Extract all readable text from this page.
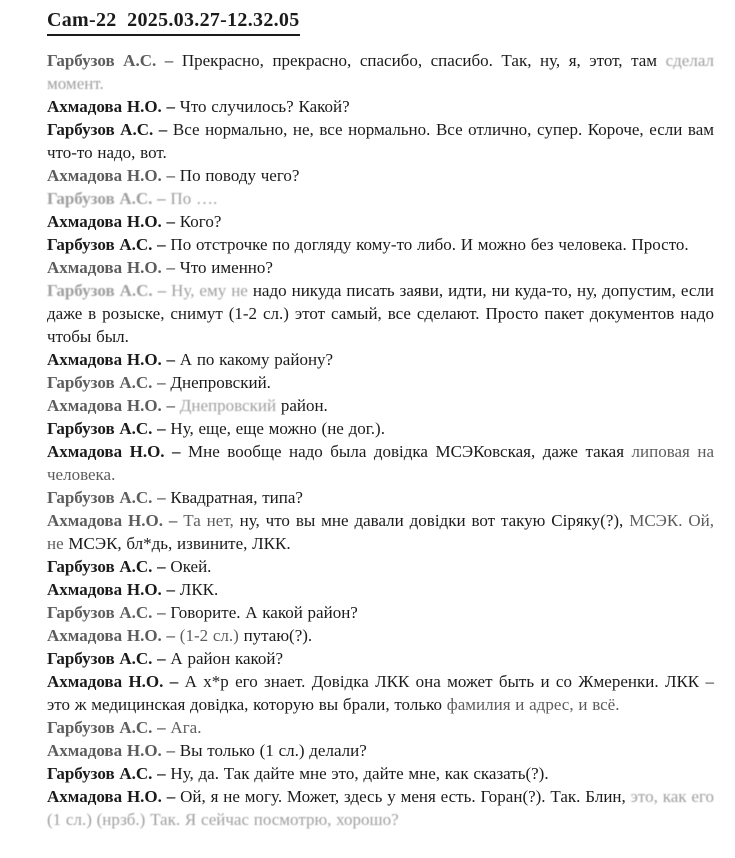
Cam-22  2025.03.27-12.32.05

Гарбузов А.С. – Прекрасно, прекрасно, спасибо, спасибо. Так, ну, я, этот, там сделал момент.

Ахмадова Н.О. – Что случилось? Какой?

Гарбузов А.С. – Все нормально, не, все нормально. Все отлично, супер. Короче, если вам что-то надо, вот.

Ахмадова Н.О. – По поводу чего?

Гарбузов А.С. – По ….

Ахмадова Н.О. – Кого?

Гарбузов А.С. – По отстрочке по догляду кому-то либо. И можно без человека. Просто.

Ахмадова Н.О. – Что именно?

Гарбузов А.С. – Ну, ему не надо никуда писать заяви, идти, ни куда-то, ну, допустим, если даже в розыске, снимут (1-2 сл.) этот самый, все сделают. Просто пакет документов надо чтобы был.

Ахмадова Н.О. – А по какому району?

Гарбузов А.С. – Днепровский.

Ахмадова Н.О. – Днепровский район.

Гарбузов А.С. – Ну, еще, еще можно (не дог.).

Ахмадова Н.О. – Мне вообще надо была довідка МСЭКовская, даже такая липовая на человека.

Гарбузов А.С. – Квадратная, типа?

Ахмадова Н.О. – Та нет, ну, что вы мне давали довідки вот такую Сіряку(?), МСЭК. Ой, не МСЭК, бл*дь, извините, ЛКК.

Гарбузов А.С. – Окей.

Ахмадова Н.О. – ЛКК.

Гарбузов А.С. – Говорите. А какой район?

Ахмадова Н.О. – (1-2 сл.) путаю(?).

Гарбузов А.С. – А район какой?

Ахмадова Н.О. – А х*р его знает. Довідка ЛКК она может быть и со Жмеренки. ЛКК – это ж медицинская довідка, которую вы брали, только фамилия и адрес, и всё.

Гарбузов А.С. – Ага.

Ахмадова Н.О. – Вы только (1 сл.) делали?

Гарбузов А.С. – Ну, да. Так дайте мне это, дайте мне, как сказать(?).

Ахмадова Н.О. – Ой, я не могу. Может, здесь у меня есть. Горан(?). Так. Блин, это, как его (1 сл.) (нрзб.) Так. Я сейчас посмотрю, хорошо?
